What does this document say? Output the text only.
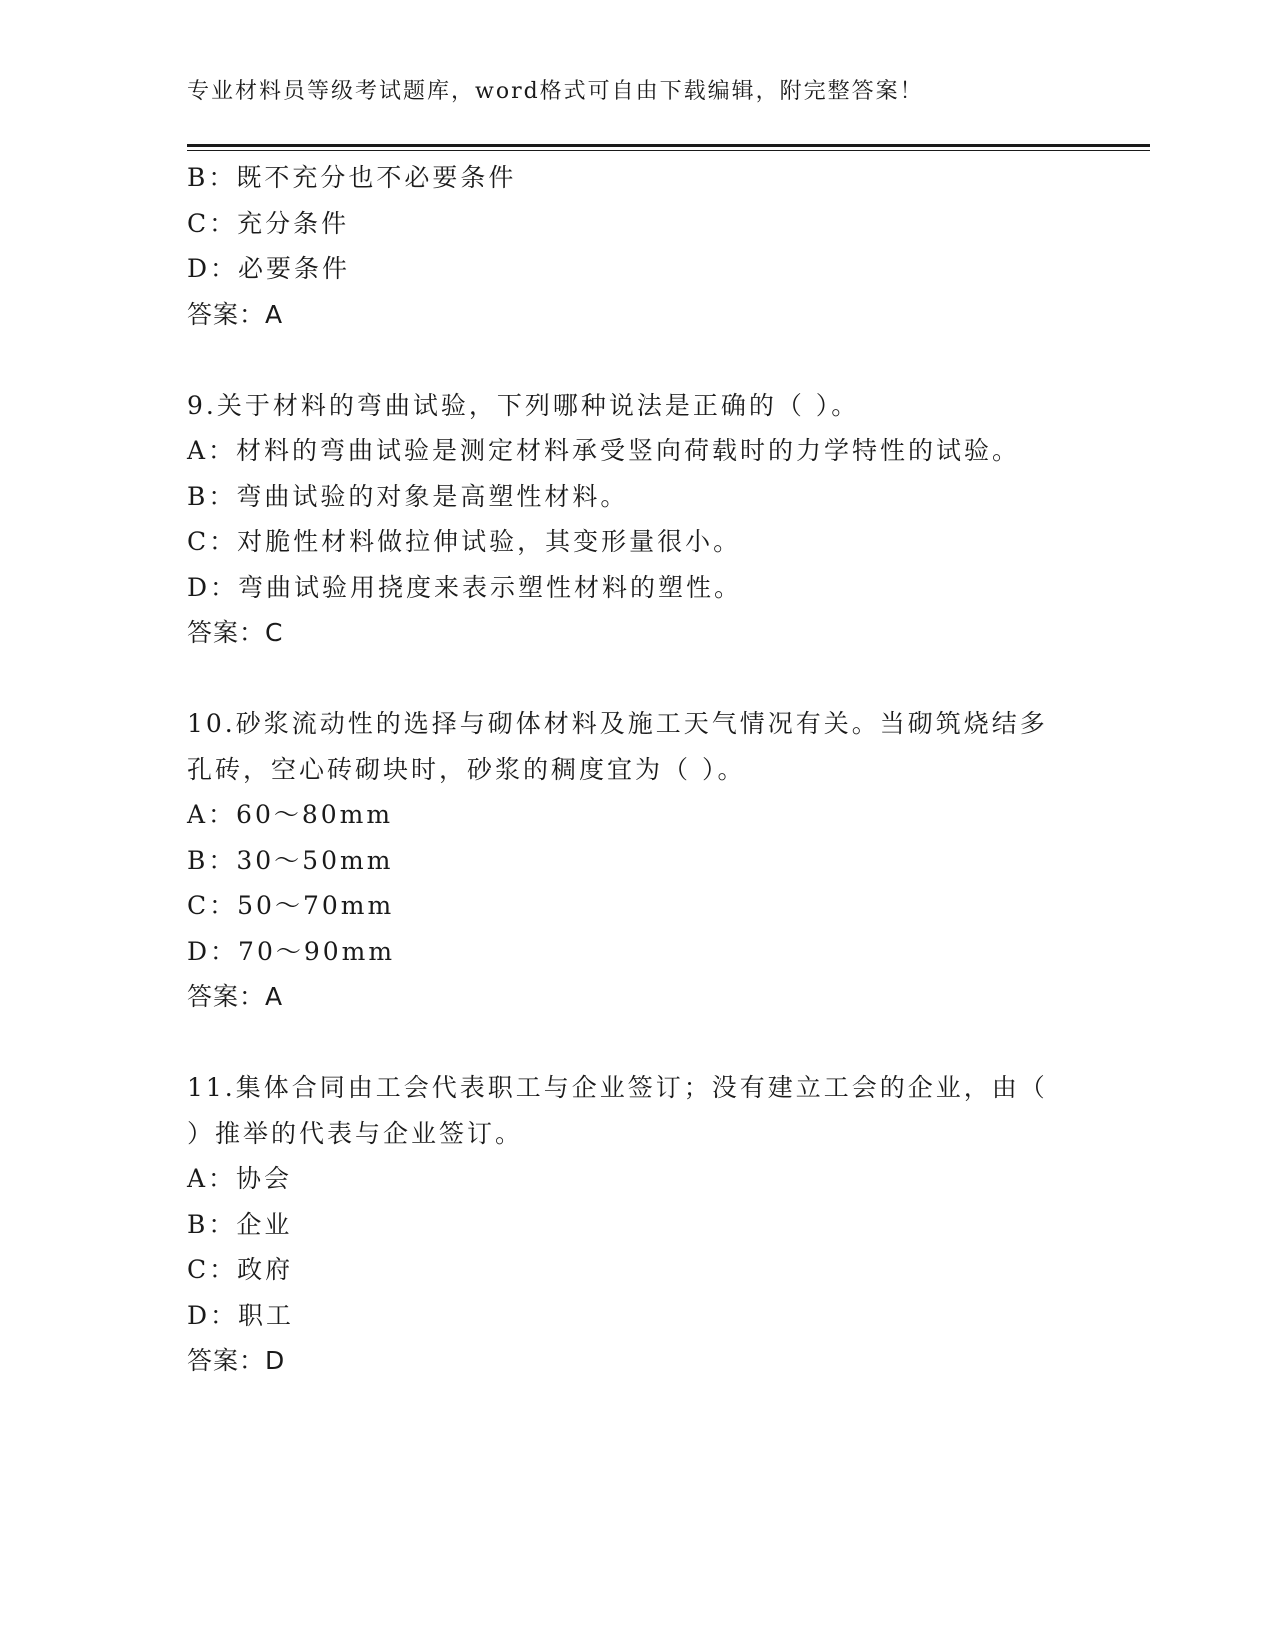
专业材料员等级考试题库，word格式可自由下载编辑，附完整答案！
B：既不充分也不必要条件
C：充分条件
D：必要条件
答案：A
9.关于材料的弯曲试验，下列哪种说法是正确的（ ）。
A：材料的弯曲试验是测定材料承受竖向荷载时的力学特性的试验。
B：弯曲试验的对象是高塑性材料。
C：对脆性材料做拉伸试验，其变形量很小。
D：弯曲试验用挠度来表示塑性材料的塑性。
答案：C
10.砂浆流动性的选择与砌体材料及施工天气情况有关。当砌筑烧结多
孔砖，空心砖砌块时，砂浆的稠度宜为（ ）。
A：60～80mm
B：30～50mm
C：50～70mm
D：70～90mm
答案：A
11.集体合同由工会代表职工与企业签订；没有建立工会的企业，由（
）推举的代表与企业签订。
A：协会
B：企业
C：政府
D：职工
答案：D
